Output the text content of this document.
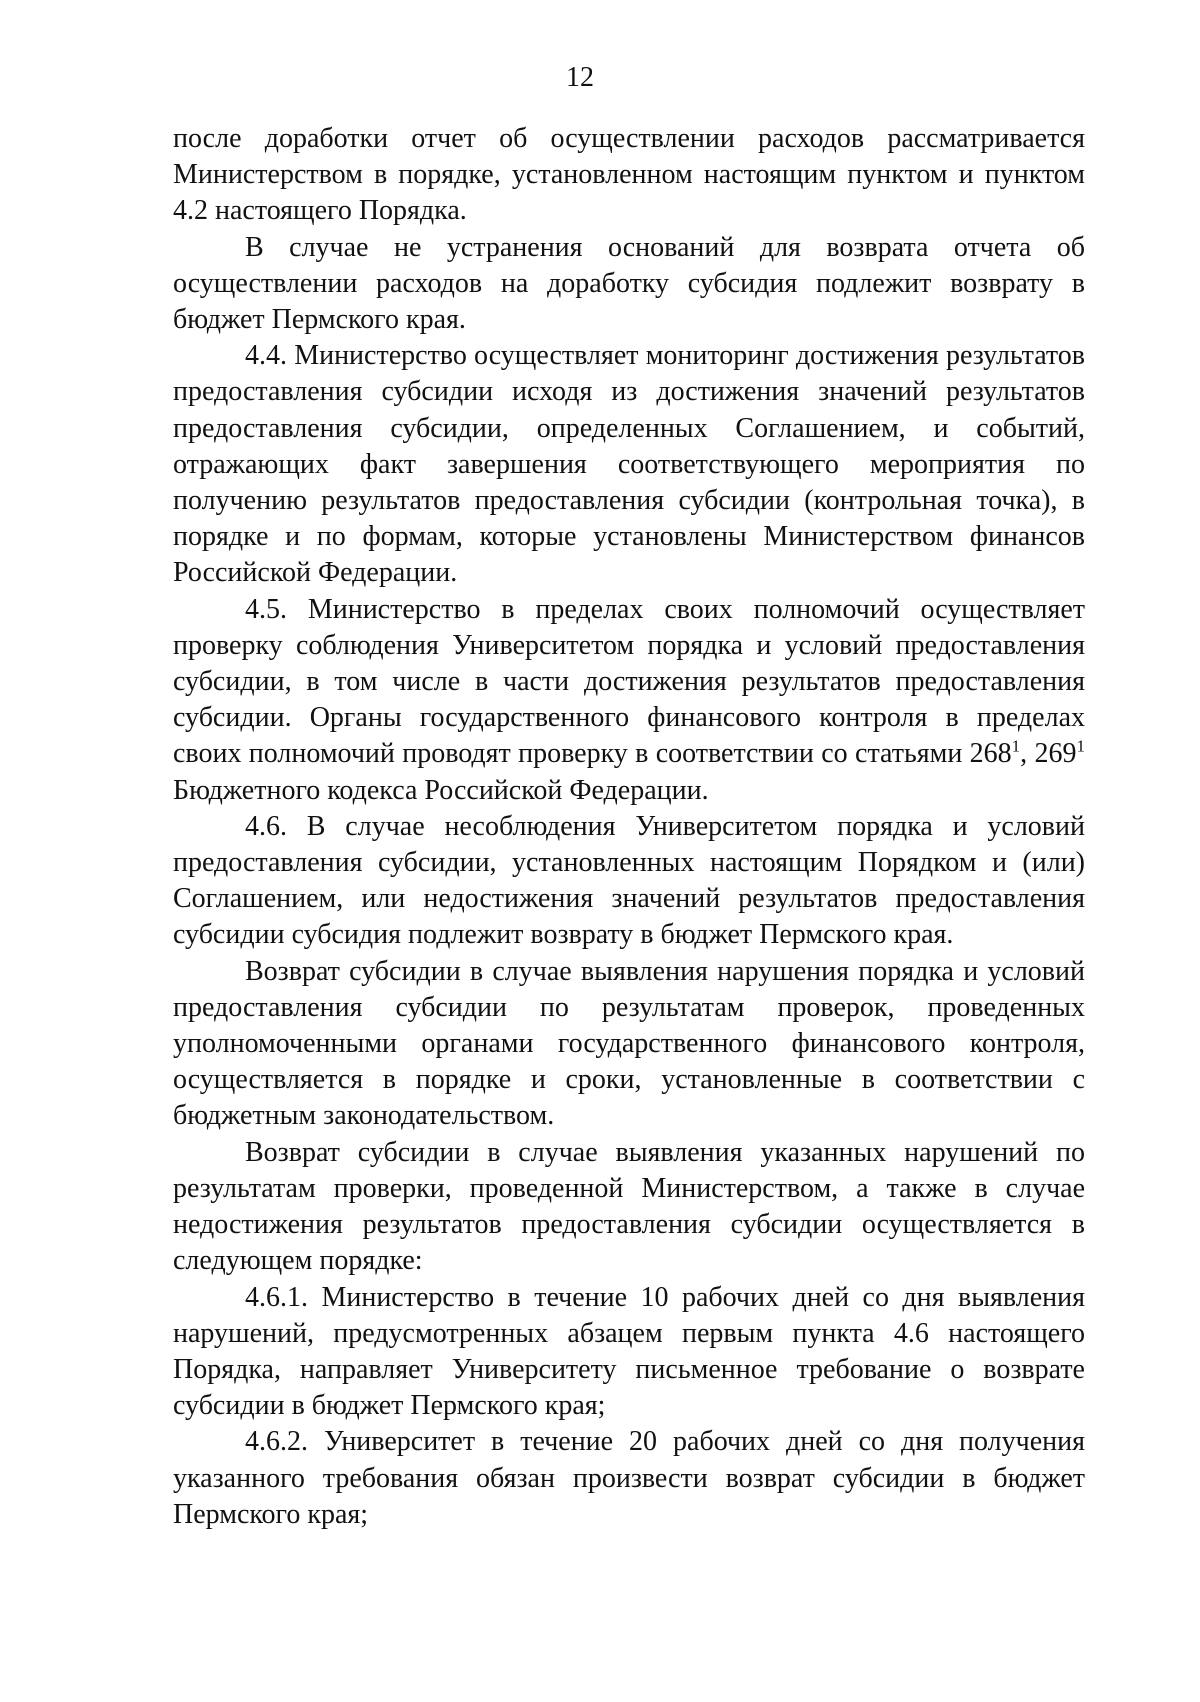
12

после доработки отчет об осуществлении расходов рассматривается Министерством в порядке, установленном настоящим пунктом и пунктом 4.2 настоящего Порядка.

В случае не устранения оснований для возврата отчета об осуществлении расходов на доработку субсидия подлежит возврату в бюджет Пермского края.

4.4. Министерство осуществляет мониторинг достижения результатов предоставления субсидии исходя из достижения значений результатов предоставления субсидии, определенных Соглашением, и событий, отражающих факт завершения соответствующего мероприятия по получению результатов предоставления субсидии (контрольная точка), в порядке и по формам, которые установлены Министерством финансов Российской Федерации.

4.5. Министерство в пределах своих полномочий осуществляет проверку соблюдения Университетом порядка и условий предоставления субсидии, в том числе в части достижения результатов предоставления субсидии. Органы государственного финансового контроля в пределах своих полномочий проводят проверку в соответствии со статьями $268^1$, $269^1$ Бюджетного кодекса Российской Федерации.

4.6. В случае несоблюдения Университетом порядка и условий предоставления субсидии, установленных настоящим Порядком и (или) Соглашением, или недостижения значений результатов предоставления субсидии субсидия подлежит возврату в бюджет Пермского края.

Возврат субсидии в случае выявления нарушения порядка и условий предоставления субсидии по результатам проверок, проведенных уполномоченными органами государственного финансового контроля, осуществляется в порядке и сроки, установленные в соответствии с бюджетным законодательством.

Возврат субсидии в случае выявления указанных нарушений по результатам проверки, проведенной Министерством, а также в случае недостижения результатов предоставления субсидии осуществляется в следующем порядке:

4.6.1. Министерство в течение 10 рабочих дней со дня выявления нарушений, предусмотренных абзацем первым пункта 4.6 настоящего Порядка, направляет Университету письменное требование о возврате субсидии в бюджет Пермского края;

4.6.2. Университет в течение 20 рабочих дней со дня получения указанного требования обязан произвести возврат субсидии в бюджет Пермского края;
